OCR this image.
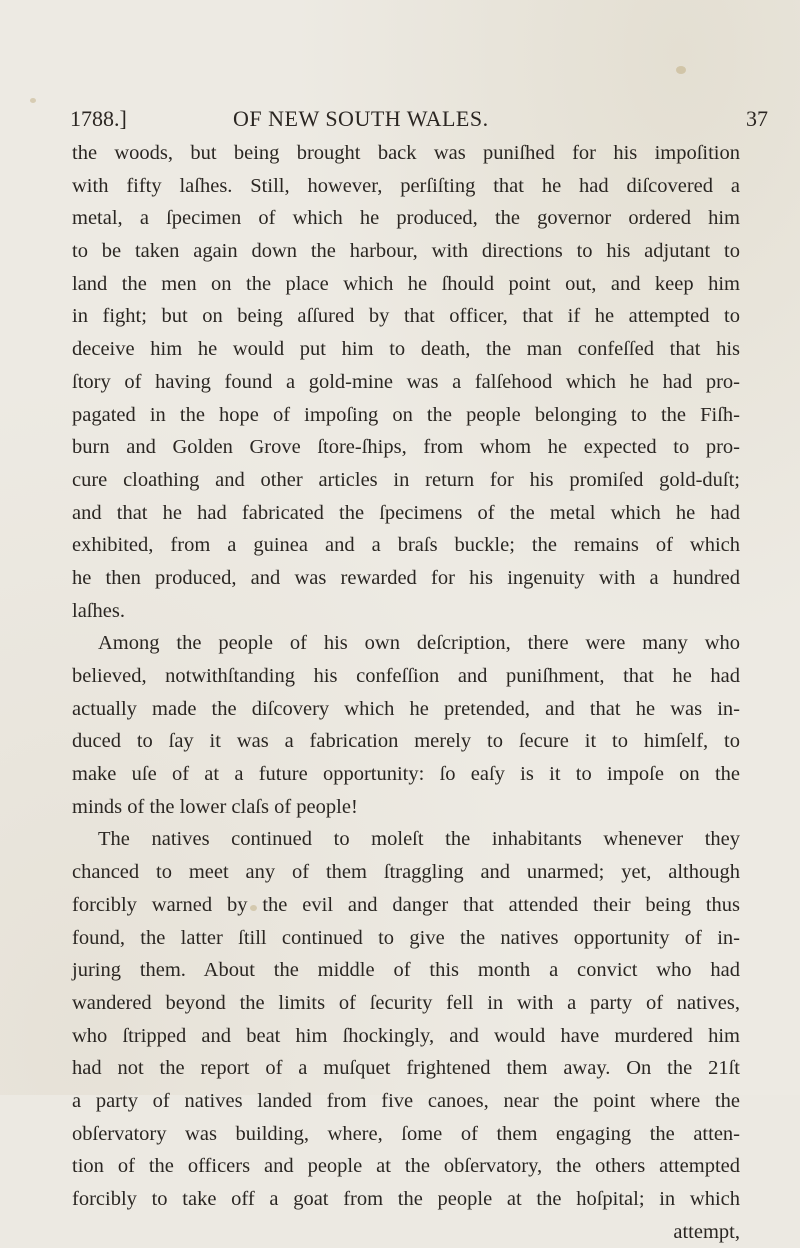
1788.]	OF NEW SOUTH WALES.	37
the woods, but being brought back was puniſhed for his impoſition
with fifty laſhes. Still, however, perſiſting that he had diſcovered a
metal, a ſpecimen of which he produced, the governor ordered him
to be taken again down the harbour, with directions to his adjutant to
land the men on the place which he ſhould point out, and keep him
in fight; but on being aſſured by that officer, that if he attempted to
deceive him he would put him to death, the man confeſſed that his
ſtory of having found a gold-mine was a falſehood which he had pro-
pagated in the hope of impoſing on the people belonging to the Fiſh-
burn and Golden Grove ſtore-ſhips, from whom he expected to pro-
cure cloathing and other articles in return for his promiſed gold-duſt;
and that he had fabricated the ſpecimens of the metal which he had
exhibited, from a guinea and a braſs buckle; the remains of which
he then produced, and was rewarded for his ingenuity with a hundred
laſhes.
Among the people of his own deſcription, there were many who
believed, notwithſtanding his confeſſion and puniſhment, that he had
actually made the diſcovery which he pretended, and that he was in-
duced to ſay it was a fabrication merely to ſecure it to himſelf, to
make uſe of at a future opportunity: ſo eaſy is it to impoſe on the
minds of the lower claſs of people!
The natives continued to moleſt the inhabitants whenever they
chanced to meet any of them ſtraggling and unarmed; yet, although
forcibly warned by the evil and danger that attended their being thus
found, the latter ſtill continued to give the natives opportunity of in-
juring them. About the middle of this month a convict who had
wandered beyond the limits of ſecurity fell in with a party of natives,
who ſtripped and beat him ſhockingly, and would have murdered him
had not the report of a muſquet frightened them away. On the 21ſt
a party of natives landed from five canoes, near the point where the
obſervatory was building, where, ſome of them engaging the atten-
tion of the officers and people at the obſervatory, the others attempted
forcibly to take off a goat from the people at the hoſpital; in which
attempt,
